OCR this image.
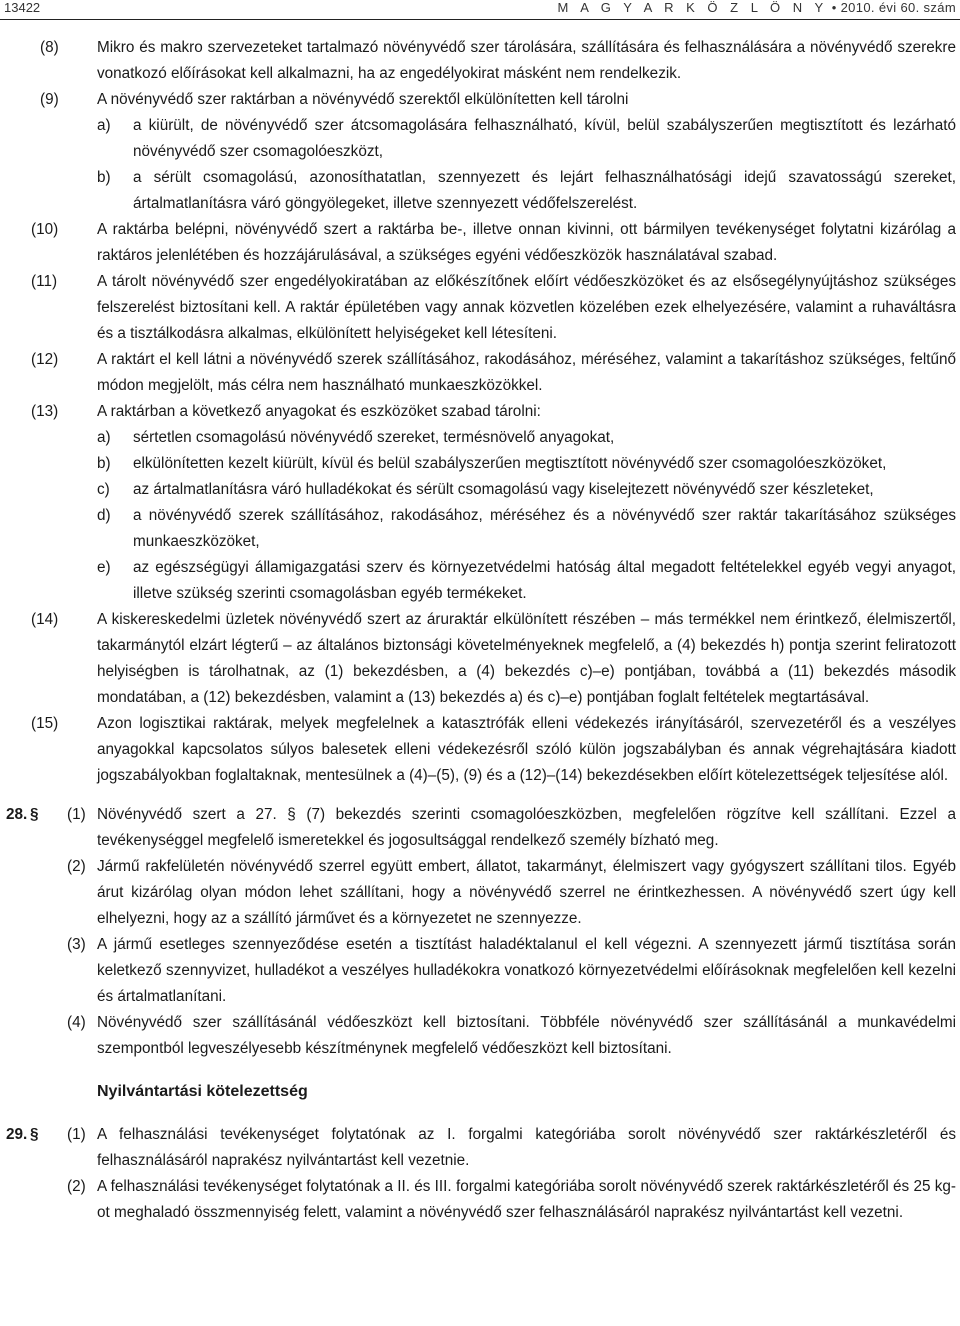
13422	M A G Y A R K Ö Z L Ö N Y • 2010. évi 60. szám
(8)	Mikro és makro szervezeteket tartalmazó növényvédő szer tárolására, szállítására és felhasználására a növényvédő szerekre vonatkozó előírásokat kell alkalmazni, ha az engedélyokirat másként nem rendelkezik.
(9)	A növényvédő szer raktárban a növényvédő szerektől elkülönítetten kell tárolni
a) a kiürült, de növényvédő szer átcsomagolására felhasználható, kívül, belül szabályszerűen megtisztított és lezárható növényvédő szer csomagolóeszközt,
b) a sérült csomagolású, azonosíthatatlan, szennyezett és lejárt felhasználhatósági idejű szavatosságú szereket, ártalmatlanításra váró göngyölegeket, illetve szennyezett védőfelszerelést.
(10)	A raktárba belépni, növényvédő szert a raktárba be-, illetve onnan kivinni, ott bármilyen tevékenységet folytatni kizárólag a raktáros jelenlétében és hozzájárulásával, a szükséges egyéni védőeszközök használatával szabad.
(11)	A tárolt növényvédő szer engedélyokiratában az előkészítőnek előírt védőeszközöket és az elsősegélynyújtáshoz szükséges felszerelést biztosítani kell. A raktár épületében vagy annak közvetlen közelében ezek elhelyezésére, valamint a ruhaváltásra és a tisztálkodásra alkalmas, elkülönített helyiségeket kell létesíteni.
(12)	A raktárt el kell látni a növényvédő szerek szállításához, rakodásához, méréséhez, valamint a takarításhoz szükséges, feltűnő módon megjelölt, más célra nem használható munkaeszközökkel.
(13)	A raktárban a következő anyagokat és eszközöket szabad tárolni:
a) sértetlen csomagolású növényvédő szereket, termésnövelő anyagokat,
b) elkülönítetten kezelt kiürült, kívül és belül szabályszerűen megtisztított növényvédő szer csomagolóeszközöket,
c) az ártalmatlanításra váró hulladékokat és sérült csomagolású vagy kiselejtezett növényvédő szer készleteket,
d) a növényvédő szerek szállításához, rakodásához, méréséhez és a növényvédő szer raktár takarításához szükséges munkaeszközöket,
e) az egészségügyi államigazgatási szerv és környezetvédelmi hatóság által megadott feltételekkel egyéb vegyi anyagot, illetve szükség szerinti csomagolásban egyéb termékeket.
(14)	A kiskereskedelmi üzletek növényvédő szert az áruraktár elkülönített részében – más termékkel nem érintkező, élelmiszertől, takarmánytól elzárt légterű – az általános biztonsági követelményeknek megfelelő, a (4) bekezdés h) pontja szerint feliratozott helyiségben is tárolhatnak, az (1) bekezdésben, a (4) bekezdés c)–e) pontjában, továbbá a (11) bekezdés második mondatában, a (12) bekezdésben, valamint a (13) bekezdés a) és c)–e) pontjában foglalt feltételek megtartásával.
(15)	Azon logisztikai raktárak, melyek megfelelnek a katasztrófák elleni védekezés irányításáról, szervezetéről és a veszélyes anyagokkal kapcsolatos súlyos balesetek elleni védekezésről szóló külön jogszabályban és annak végrehajtására kiadott jogszabályokban foglaltaknak, mentesülnek a (4)–(5), (9) és a (12)–(14) bekezdésekben előírt kötelezettségek teljesítése alól.
28. § (1) Növényvédő szert a 27. § (7) bekezdés szerinti csomagolóeszközben, megfelelően rögzítve kell szállítani. Ezzel a tevékenységgel megfelelő ismeretekkel és jogosultsággal rendelkező személy bízható meg.
(2) Jármű rakfelületén növényvédő szerrel együtt embert, állatot, takarmányt, élelmiszert vagy gyógyszert szállítani tilos. Egyéb árut kizárólag olyan módon lehet szállítani, hogy a növényvédő szerrel ne érintkezhessen. A növényvédő szert úgy kell elhelyezni, hogy az a szállító járművet és a környezetet ne szennyezze.
(3) A jármű esetleges szennyeződése esetén a tisztítást haladéktalanul el kell végezni. A szennyezett jármű tisztítása során keletkező szennyvizet, hulladékot a veszélyes hulladékokra vonatkozó környezetvédelmi előírásoknak megfelelően kell kezelni és ártalmatlanítani.
(4) Növényvédő szer szállításánál védőeszközt kell biztosítani. Többféle növényvédő szer szállításánál a munkavédelmi szempontból legveszélyesebb készítménynek megfelelő védőeszközt kell biztosítani.
Nyilvántartási kötelezettség
29. § (1) A felhasználási tevékenységet folytatónak az I. forgalmi kategóriába sorolt növényvédő szer raktárkészletéről és felhasználásáról naprakész nyilvántartást kell vezetnie.
(2) A felhasználási tevékenységet folytatónak a II. és III. forgalmi kategóriába sorolt növényvédő szerek raktárkészletéről és 25 kg-ot meghaladó összmennyiség felett, valamint a növényvédő szer felhasználásáról naprakész nyilvántartást kell vezetni.
